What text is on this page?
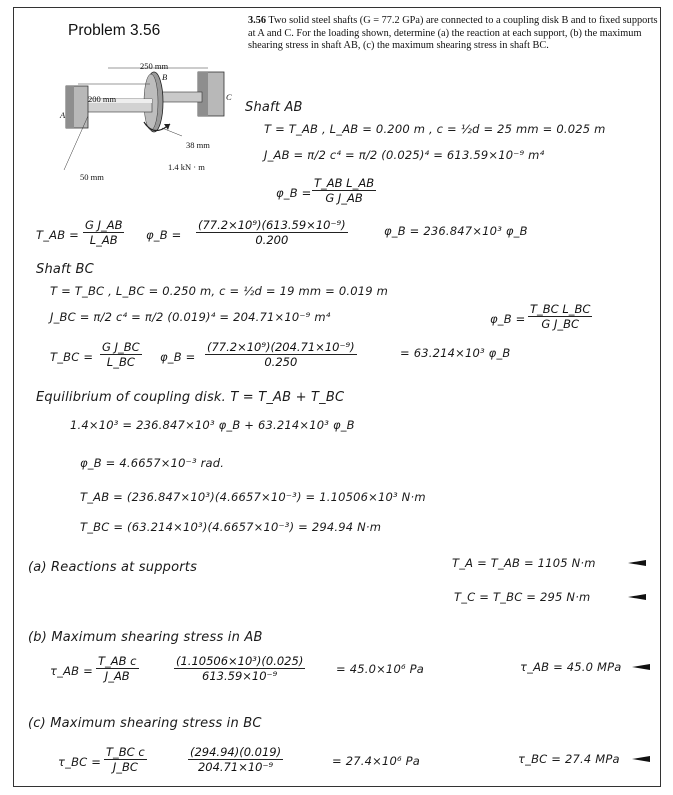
Problem 3.56
3.56 Two solid steel shafts (G = 77.2 GPa) are connected to a coupling disk B and to fixed supports at A and C. For the loading shown, determine (a) the reaction at each support, (b) the maximum shearing stress in shaft AB, (c) the maximum shearing stress in shaft BC.
250 mm
200 mm
38 mm
50 mm
1.4 kN · m
A
B
C
Shaft AB
T = T_AB , L_AB = 0.200 m , c = ½d = 25 mm = 0.025 m
J_AB = π/2 c⁴ = π/2 (0.025)⁴ = 613.59×10⁻⁹ m⁴
φ_B = $\frac{\text{T\_AB L\_AB}}{\text{G J\_AB}}$
T_AB = $\frac{\text{G J\_AB}}{L\_AB}$ φ_B = $\frac{\text{(77.2×10⁹)(613.59×10⁻⁹)}}{0.200}$	φ_B = 236.847×10³ φ_B
Shaft BC
T = T_BC , L_BC = 0.250 m, c = ½d = 19 mm = 0.019 m
J_BC = π/2 c⁴ = π/2 (0.019)⁴ = 204.71×10⁻⁹ m⁴	φ_B = $\frac{\text{T\_BC L\_BC}}{\text{G J\_BC}}$
T_BC = $\frac{\text{G J\_BC}}{L\_BC}$ φ_B = $\frac{\text{(77.2×10⁹)(204.71×10⁻⁹)}}{0.250}$	= 63.214×10³ φ_B
Equilibrium of coupling disk. T = T_AB + T_BC
1.4×10³ = 236.847×10³ φ_B + 63.214×10³ φ_B
φ_B = 4.6657×10⁻³ rad.
T_AB = (236.847×10³)(4.6657×10⁻³) = 1.10506×10³ N·m
T_BC = (63.214×10³)(4.6657×10⁻³) = 294.94 N·m
(a) Reactions at supports	T_A = T_AB = 1105 N·m
T_C = T_BC = 295 N·m
(b) Maximum shearing stress in AB
τ_AB = $\frac{\text{T\_AB c}}{J\_AB}$	$\frac{\text{(1.10506×10³)(0.025)}}{\text{613.59×10⁻⁹}}$	= 45.0×10⁶ Pa	τ_AB = 45.0 MPa
(c) Maximum shearing stress in BC
τ_BC = $\frac{\text{T\_BC c}}{J\_BC}$	$\frac{(294.94)(0.019)}{\text{204.71×10⁻⁹}}$	= 27.4×10⁶ Pa	τ_BC = 27.4 MPa
